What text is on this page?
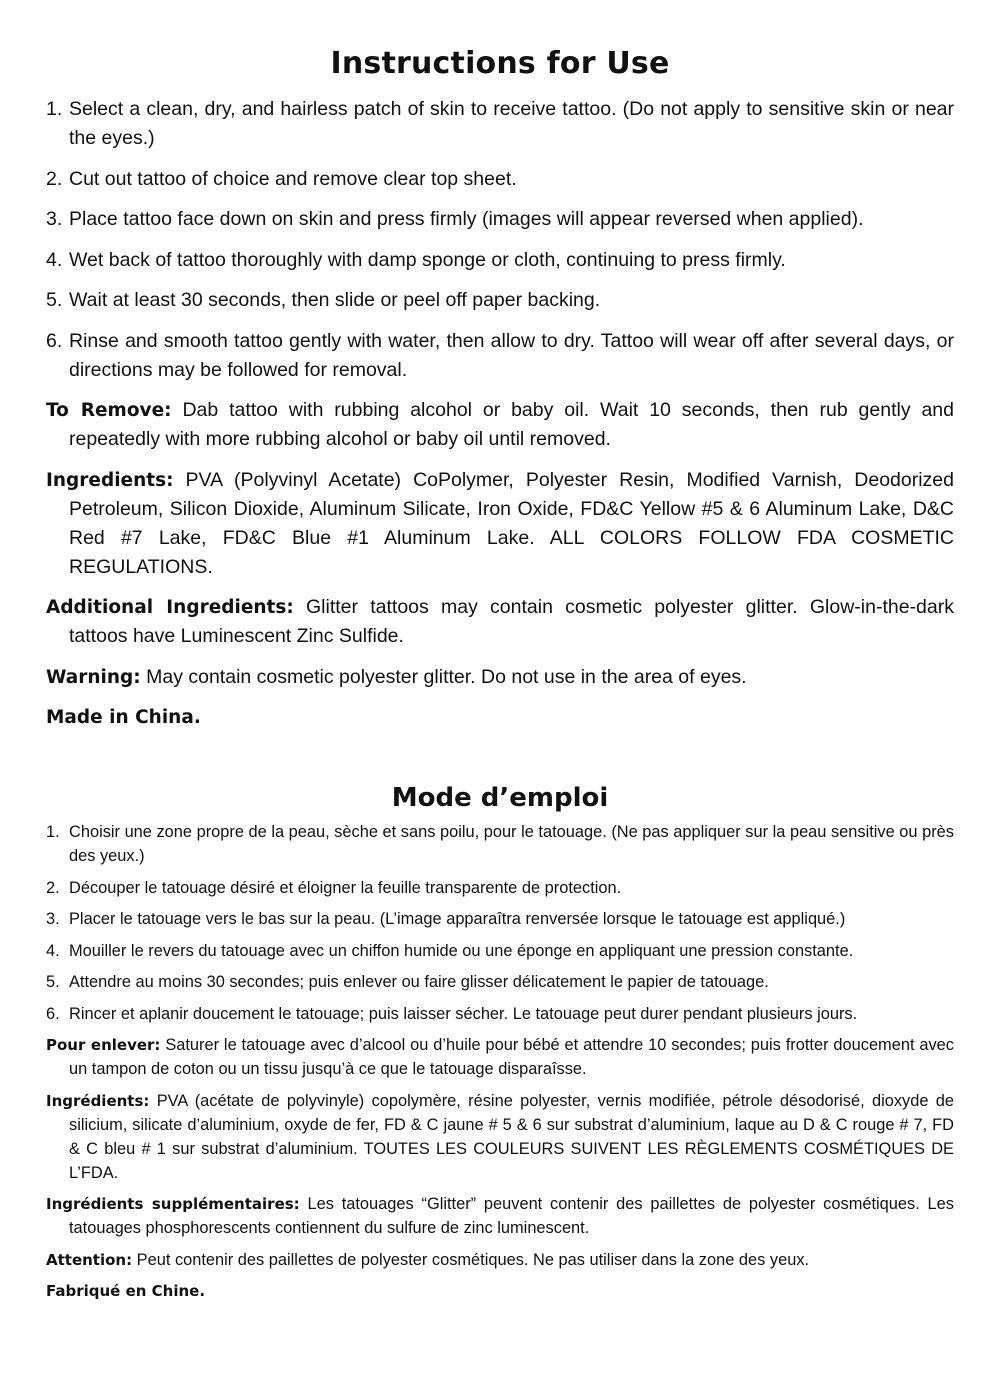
Instructions for Use

1. Select a clean, dry, and hairless patch of skin to receive tattoo. (Do not apply to sensitive skin or near the eyes.)

2. Cut out tattoo of choice and remove clear top sheet.

3. Place tattoo face down on skin and press firmly (images will appear reversed when applied).

4. Wet back of tattoo thoroughly with damp sponge or cloth, continuing to press firmly.

5. Wait at least 30 seconds, then slide or peel off paper backing.

6. Rinse and smooth tattoo gently with water, then allow to dry. Tattoo will wear off after several days, or directions may be followed for removal.

To Remove: Dab tattoo with rubbing alcohol or baby oil. Wait 10 seconds, then rub gently and repeatedly with more rubbing alcohol or baby oil until removed.

Ingredients: PVA (Polyvinyl Acetate) CoPolymer, Polyester Resin, Modified Varnish, Deodorized Petroleum, Silicon Dioxide, Aluminum Silicate, Iron Oxide, FD&C Yellow #5 & 6 Aluminum Lake, D&C Red #7 Lake, FD&C Blue #1 Aluminum Lake. ALL COLORS FOLLOW FDA COSMETIC REGULATIONS.

Additional Ingredients: Glitter tattoos may contain cosmetic polyester glitter. Glow-in-the-dark tattoos have Luminescent Zinc Sulfide.

Warning: May contain cosmetic polyester glitter. Do not use in the area of eyes.

Made in China.

Mode d’emploi

1. Choisir une zone propre de la peau, sèche et sans poilu, pour le tatouage. (Ne pas appliquer sur la peau sensitive ou près des yeux.)

2. Découper le tatouage désiré et éloigner la feuille transparente de protection.

3. Placer le tatouage vers le bas sur la peau. (L’image apparaîtra renversée lorsque le tatouage est appliqué.)

4. Mouiller le revers du tatouage avec un chiffon humide ou une éponge en appliquant une pression constante.

5. Attendre au moins 30 secondes; puis enlever ou faire glisser délicatement le papier de tatouage.

6. Rincer et aplanir doucement le tatouage; puis laisser sécher. Le tatouage peut durer pendant plusieurs jours.

Pour enlever: Saturer le tatouage avec d’alcool ou d’huile pour bébé et attendre 10 secondes; puis frotter doucement avec un tampon de coton ou un tissu jusqu’à ce que le tatouage disparaîsse.

Ingrédients: PVA (acétate de polyvinyle) copolymère, résine polyester, vernis modifiée, pétrole désodorisé, dioxyde de silicium, silicate d’aluminium, oxyde de fer, FD & C jaune # 5 & 6 sur substrat d’aluminium, laque au D & C rouge # 7, FD & C bleu # 1 sur substrat d’aluminium. TOUTES LES COULEURS SUIVENT LES RÈGLEMENTS COSMÉTIQUES DE L’FDA.

Ingrédients supplémentaires: Les tatouages “Glitter” peuvent contenir des paillettes de polyester cosmétiques. Les tatouages phosphorescents contiennent du sulfure de zinc luminescent.

Attention: Peut contenir des paillettes de polyester cosmétiques. Ne pas utiliser dans la zone des yeux.

Fabriqué en Chine.
